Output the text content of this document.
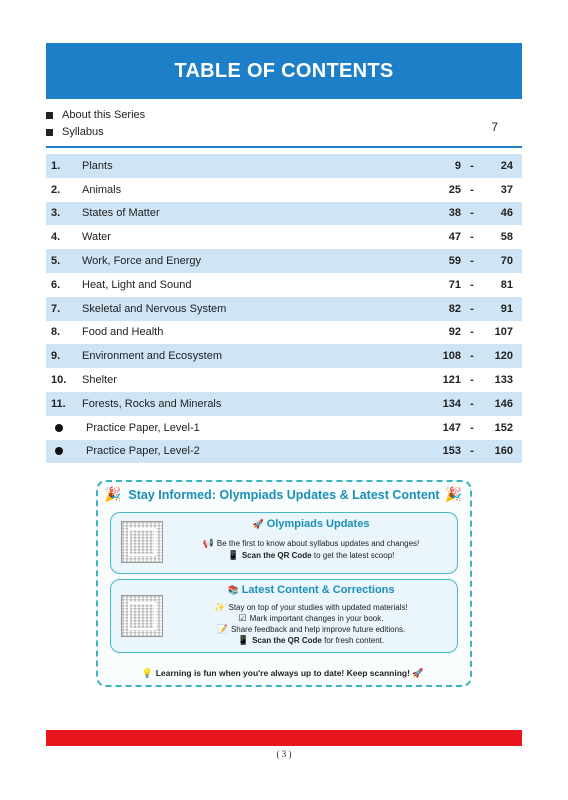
TABLE OF CONTENTS
About this Series
Syllabus	7
1.	Plants	9 -	24
2.	Animals	25 -	37
3.	States of Matter	38 -	46
4.	Water	47 -	58
5.	Work, Force and Energy	59 -	70
6.	Heat, Light and Sound	71 -	81
7.	Skeletal and Nervous System	82 -	91
8.	Food and Health	92 -	107
9.	Environment and Ecosystem	108 -	120
10.	Shelter	121 -	133
11.	Forests, Rocks and Minerals	134 -	146
Practice Paper, Level-1	147 -	152
Practice Paper, Level-2	153 -	160
🎉 Stay Informed: Olympiads Updates & Latest Content 🎉
🚀 Olympiads Updates
📢 Be the first to know about syllabus updates and changes!
📱 Scan the QR Code to get the latest scoop!
📚 Latest Content & Corrections
✨ Stay on top of your studies with updated materials!
☑ Mark important changes in your book.
📝 Share feedback and help improve future editions.
📱 Scan the QR Code for fresh content.
💡 Learning is fun when you're always up to date! Keep scanning! 🚀
( 3 )
